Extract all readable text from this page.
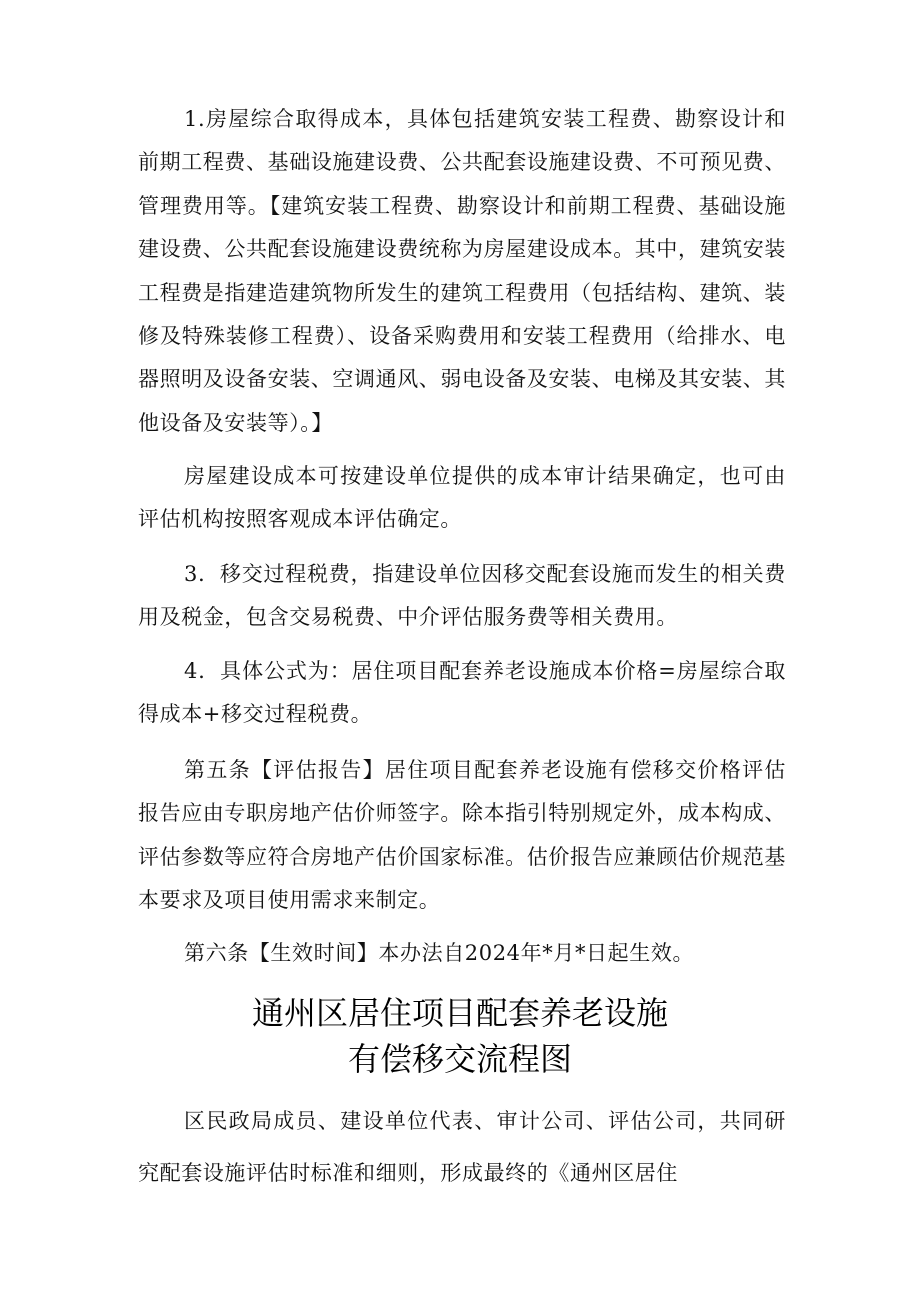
1.房屋综合取得成本，具体包括建筑安装工程费、勘察设计和前期工程费、基础设施建设费、公共配套设施建设费、不可预见费、管理费用等。【建筑安装工程费、勘察设计和前期工程费、基础设施建设费、公共配套设施建设费统称为房屋建设成本。其中，建筑安装工程费是指建造建筑物所发生的建筑工程费用（包括结构、建筑、装修及特殊装修工程费）、设备采购费用和安装工程费用（给排水、电器照明及设备安装、空调通风、弱电设备及安装、电梯及其安装、其他设备及安装等）。】

房屋建设成本可按建设单位提供的成本审计结果确定，也可由评估机构按照客观成本评估确定。

3．移交过程税费，指建设单位因移交配套设施而发生的相关费用及税金，包含交易税费、中介评估服务费等相关费用。

4．具体公式为：居住项目配套养老设施成本价格=房屋综合取得成本+移交过程税费。

第五条【评估报告】居住项目配套养老设施有偿移交价格评估报告应由专职房地产估价师签字。除本指引特别规定外，成本构成、评估参数等应符合房地产估价国家标准。估价报告应兼顾估价规范基本要求及项目使用需求来制定。

第六条【生效时间】本办法自2024年*月*日起生效。

通州区居住项目配套养老设施
有偿移交流程图

区民政局成员、建设单位代表、审计公司、评估公司，共同研究配套设施评估时标准和细则，形成最终的《通州区居住
